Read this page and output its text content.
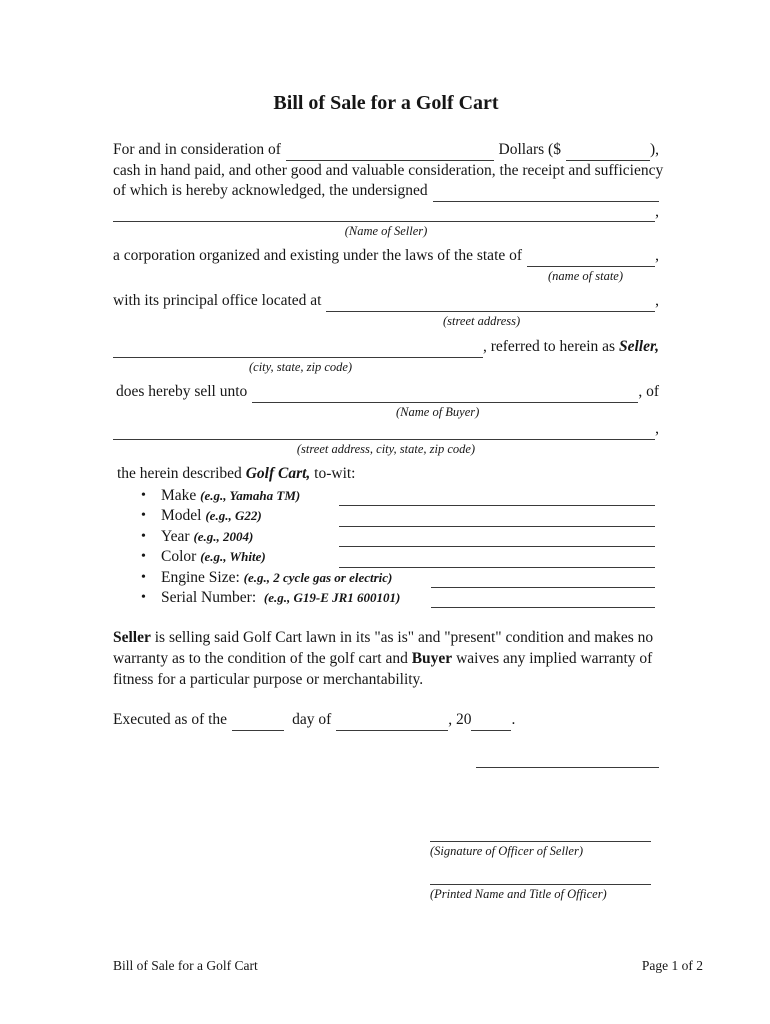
Bill of Sale for a Golf Cart
For and in consideration of	Dollars ($	),
cash in hand paid, and other good and valuable consideration, the receipt and sufficiency
of which is hereby acknowledged, the undersigned
,
(Name of Seller)
a corporation organized and existing under the laws of the state of	,
(name of state)
with its principal office located at	,
(street address)
, referred to herein as Seller,
(city, state, zip code)
does hereby sell unto	, of
(Name of Buyer)
,
(street address, city, state, zip code)
the herein described Golf Cart, to-wit:
•
Make (e.g., Yamaha TM)
•
Model (e.g., G22)
•
Year (e.g., 2004)
•
Color (e.g., White)
•
Engine Size: (e.g., 2 cycle gas or electric)
•
Serial Number:  (e.g., G19-E JR1 600101)
Seller is selling said Golf Cart lawn in its "as is" and "present" condition and makes no warranty as to the condition of the golf cart and Buyer waives any implied warranty of fitness for a particular purpose or merchantability.
Executed as of the	day of	, 20	.
(Signature of Officer of Seller)
(Printed Name and Title of Officer)
Bill of Sale for a Golf Cart	Page 1 of 2
